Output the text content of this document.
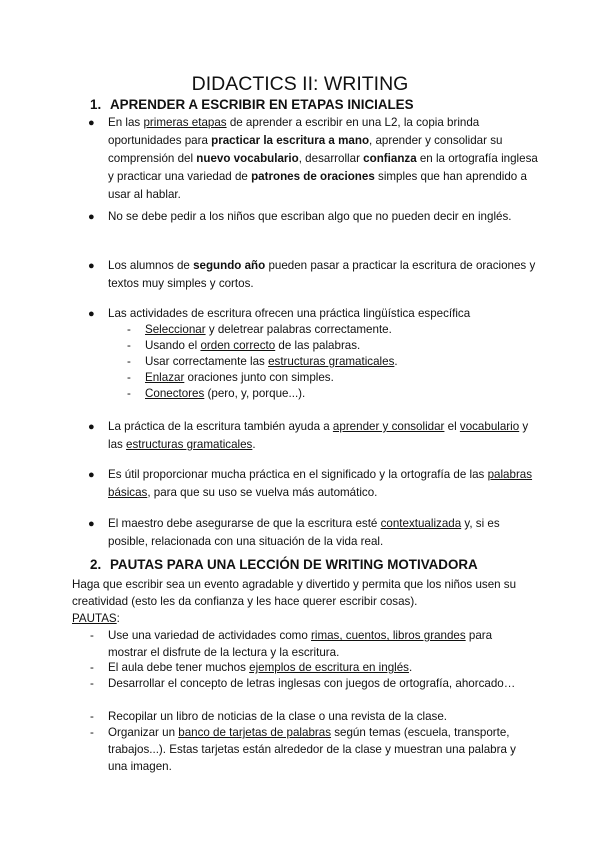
DIDACTICS II: WRITING
1. APRENDER A ESCRIBIR EN ETAPAS INICIALES
● En las primeras etapas de aprender a escribir en una L2, la copia brinda oportunidades para practicar la escritura a mano, aprender y consolidar su comprensión del nuevo vocabulario, desarrollar confianza en la ortografía inglesa y practicar una variedad de patrones de oraciones simples que han aprendido a usar al hablar.
● No se debe pedir a los niños que escriban algo que no pueden decir en inglés.
● Los alumnos de segundo año pueden pasar a practicar la escritura de oraciones y textos muy simples y cortos.
● Las actividades de escritura ofrecen una práctica lingüística específica
- Seleccionar y deletrear palabras correctamente.
- Usando el orden correcto de las palabras.
- Usar correctamente las estructuras gramaticales.
- Enlazar oraciones junto con simples.
- Conectores (pero, y, porque...).
● La práctica de la escritura también ayuda a aprender y consolidar el vocabulario y las estructuras gramaticales.
● Es útil proporcionar mucha práctica en el significado y la ortografía de las palabras básicas, para que su uso se vuelva más automático.
● El maestro debe asegurarse de que la escritura esté contextualizada y, si es posible, relacionada con una situación de la vida real.
2. PAUTAS PARA UNA LECCIÓN DE WRITING MOTIVADORA
Haga que escribir sea un evento agradable y divertido y permita que los niños usen su creatividad (esto les da confianza y les hace querer escribir cosas).
PAUTAS:
- Use una variedad de actividades como rimas, cuentos, libros grandes para mostrar el disfrute de la lectura y la escritura.
- El aula debe tener muchos ejemplos de escritura en inglés.
- Desarrollar el concepto de letras inglesas con juegos de ortografía, ahorcado…
- Recopilar un libro de noticias de la clase o una revista de la clase.
- Organizar un banco de tarjetas de palabras según temas (escuela, transporte, trabajos...). Estas tarjetas están alrededor de la clase y muestran una palabra y una imagen.
